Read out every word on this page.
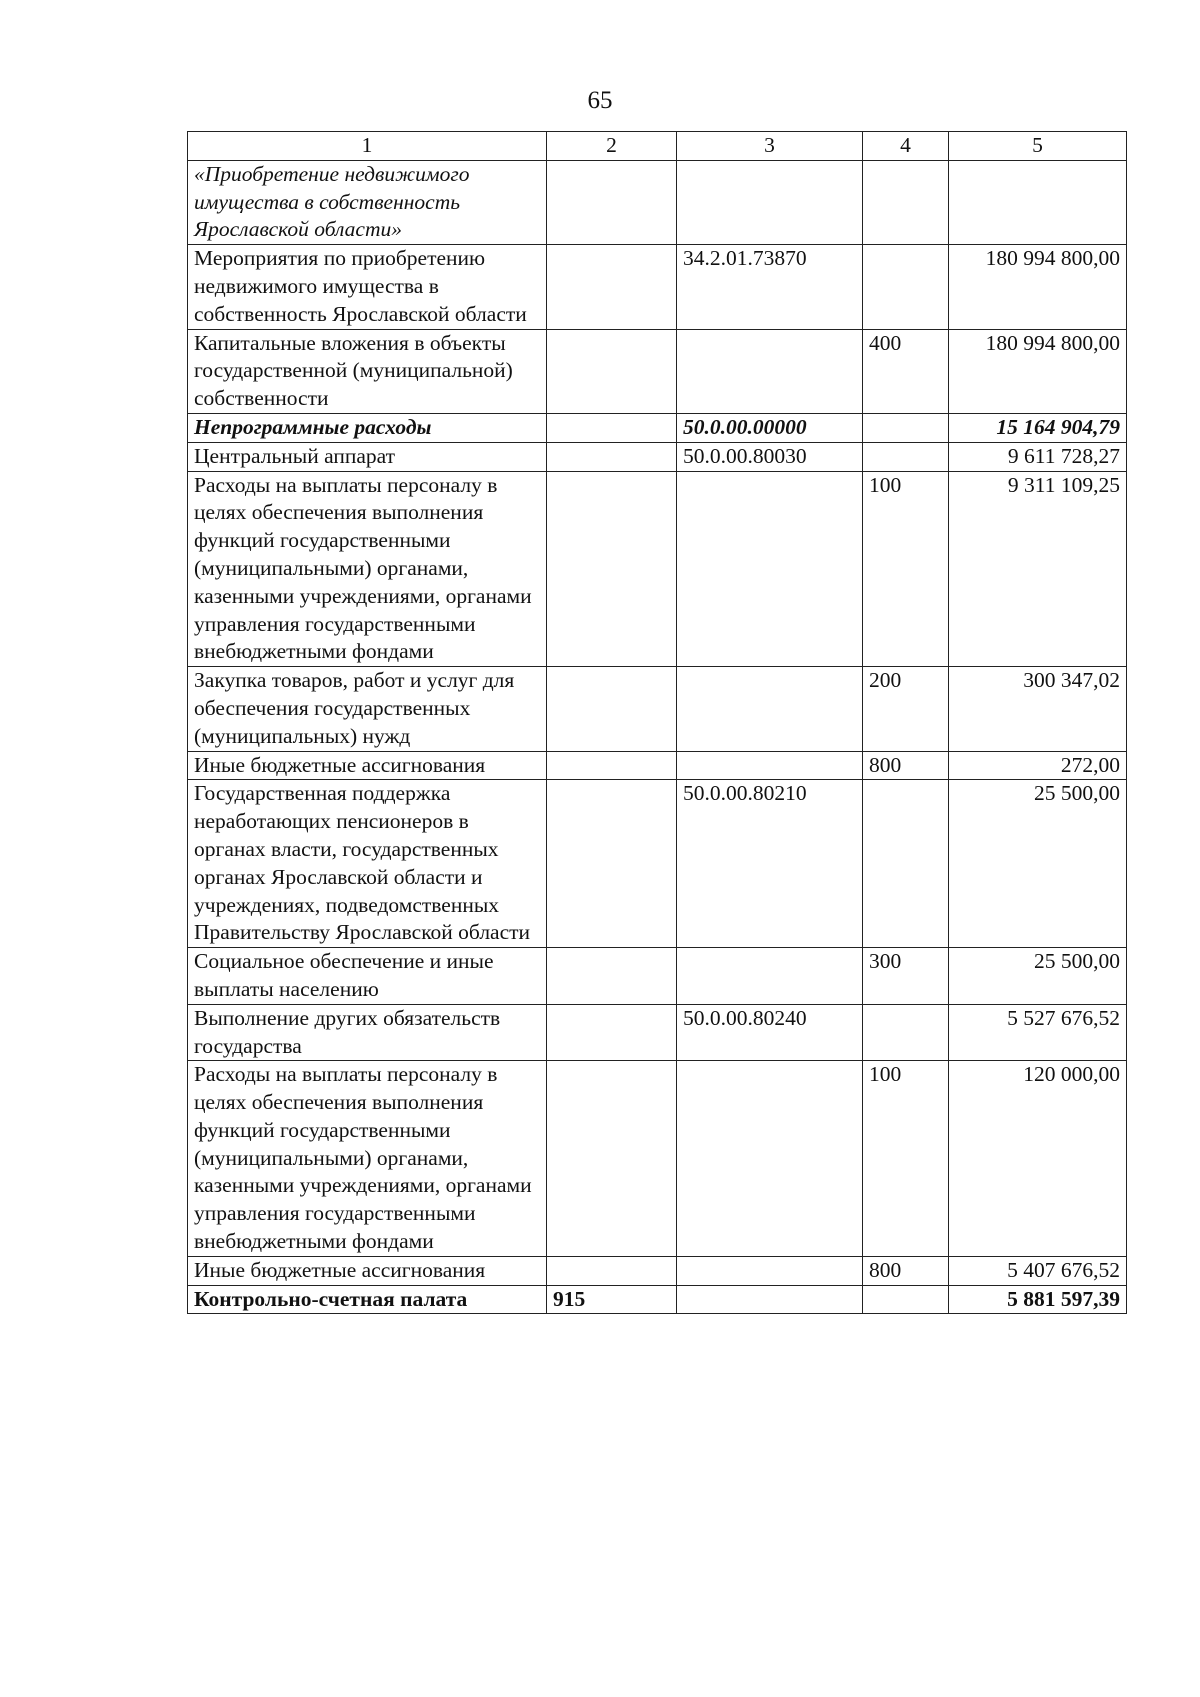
65
1	2	3	4	5
«Приобретение недвижимого имущества в собственность Ярославской области»				
Мероприятия по приобретению недвижимого имущества в собственность Ярославской области		34.2.01.73870		180 994 800,00
Капитальные вложения в объекты государственной (муниципальной) собственности			400	180 994 800,00
Непрограммные расходы		50.0.00.00000		15 164 904,79
Центральный аппарат		50.0.00.80030		9 611 728,27
Расходы на выплаты персоналу в целях обеспечения выполнения функций государственными (муниципальными) органами, казенными учреждениями, органами управления государственными внебюджетными фондами			100	9 311 109,25
Закупка товаров, работ и услуг для обеспечения государственных (муниципальных) нужд			200	300 347,02
Иные бюджетные ассигнования			800	272,00
Государственная поддержка неработающих пенсионеров в органах власти, государственных органах Ярославской области и учреждениях, подведомственных Правительству Ярославской области		50.0.00.80210		25 500,00
Социальное обеспечение и иные выплаты населению			300	25 500,00
Выполнение других обязательств государства		50.0.00.80240		5 527 676,52
Расходы на выплаты персоналу в целях обеспечения выполнения функций государственными (муниципальными) органами, казенными учреждениями, органами управления государственными внебюджетными фондами			100	120 000,00
Иные бюджетные ассигнования			800	5 407 676,52
Контрольно-счетная палата	915			5 881 597,39
